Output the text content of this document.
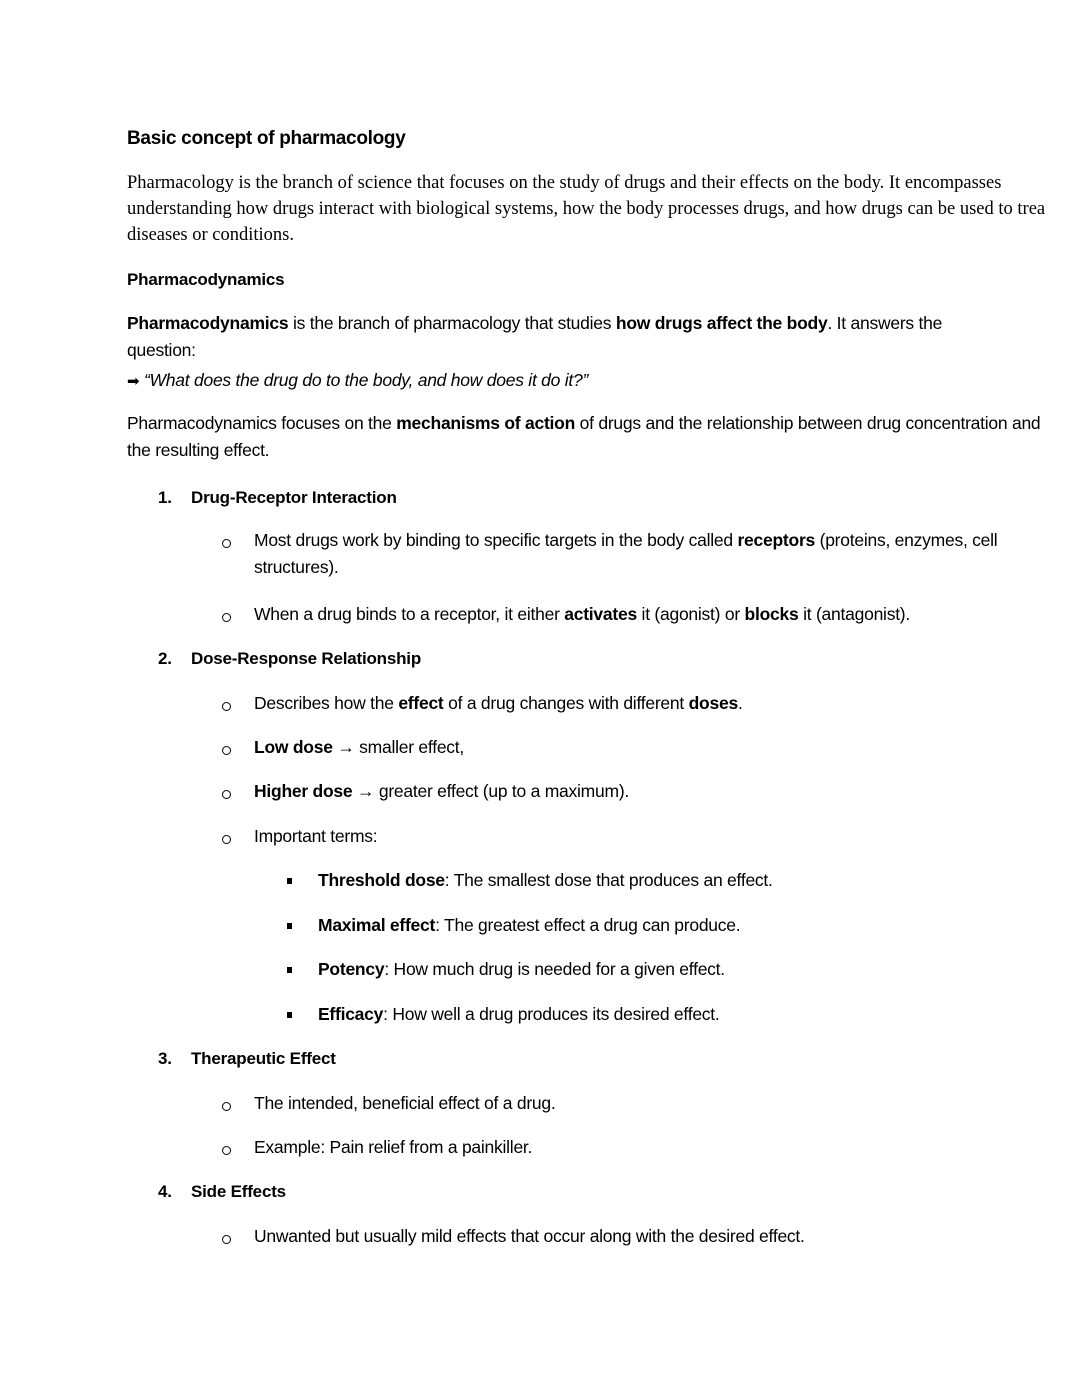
Basic concept of pharmacology
Pharmacology is the branch of science that focuses on the study of drugs and their effects on the body. It encompasses
understanding how drugs interact with biological systems, how the body processes drugs, and how drugs can be used to trea
diseases or conditions.
Pharmacodynamics
Pharmacodynamics is the branch of pharmacology that studies how drugs affect the body. It answers the
question:
➡ “What does the drug do to the body, and how does it do it?”
Pharmacodynamics focuses on the mechanisms of action of drugs and the relationship between drug concentration and
the resulting effect.
1. Drug-Receptor Interaction
Most drugs work by binding to specific targets in the body called receptors (proteins, enzymes, cell
structures).
When a drug binds to a receptor, it either activates it (agonist) or blocks it (antagonist).
2. Dose-Response Relationship
Describes how the effect of a drug changes with different doses.
Low dose → smaller effect,
Higher dose → greater effect (up to a maximum).
Important terms:
Threshold dose: The smallest dose that produces an effect.
Maximal effect: The greatest effect a drug can produce.
Potency: How much drug is needed for a given effect.
Efficacy: How well a drug produces its desired effect.
3. Therapeutic Effect
The intended, beneficial effect of a drug.
Example: Pain relief from a painkiller.
4. Side Effects
Unwanted but usually mild effects that occur along with the desired effect.
